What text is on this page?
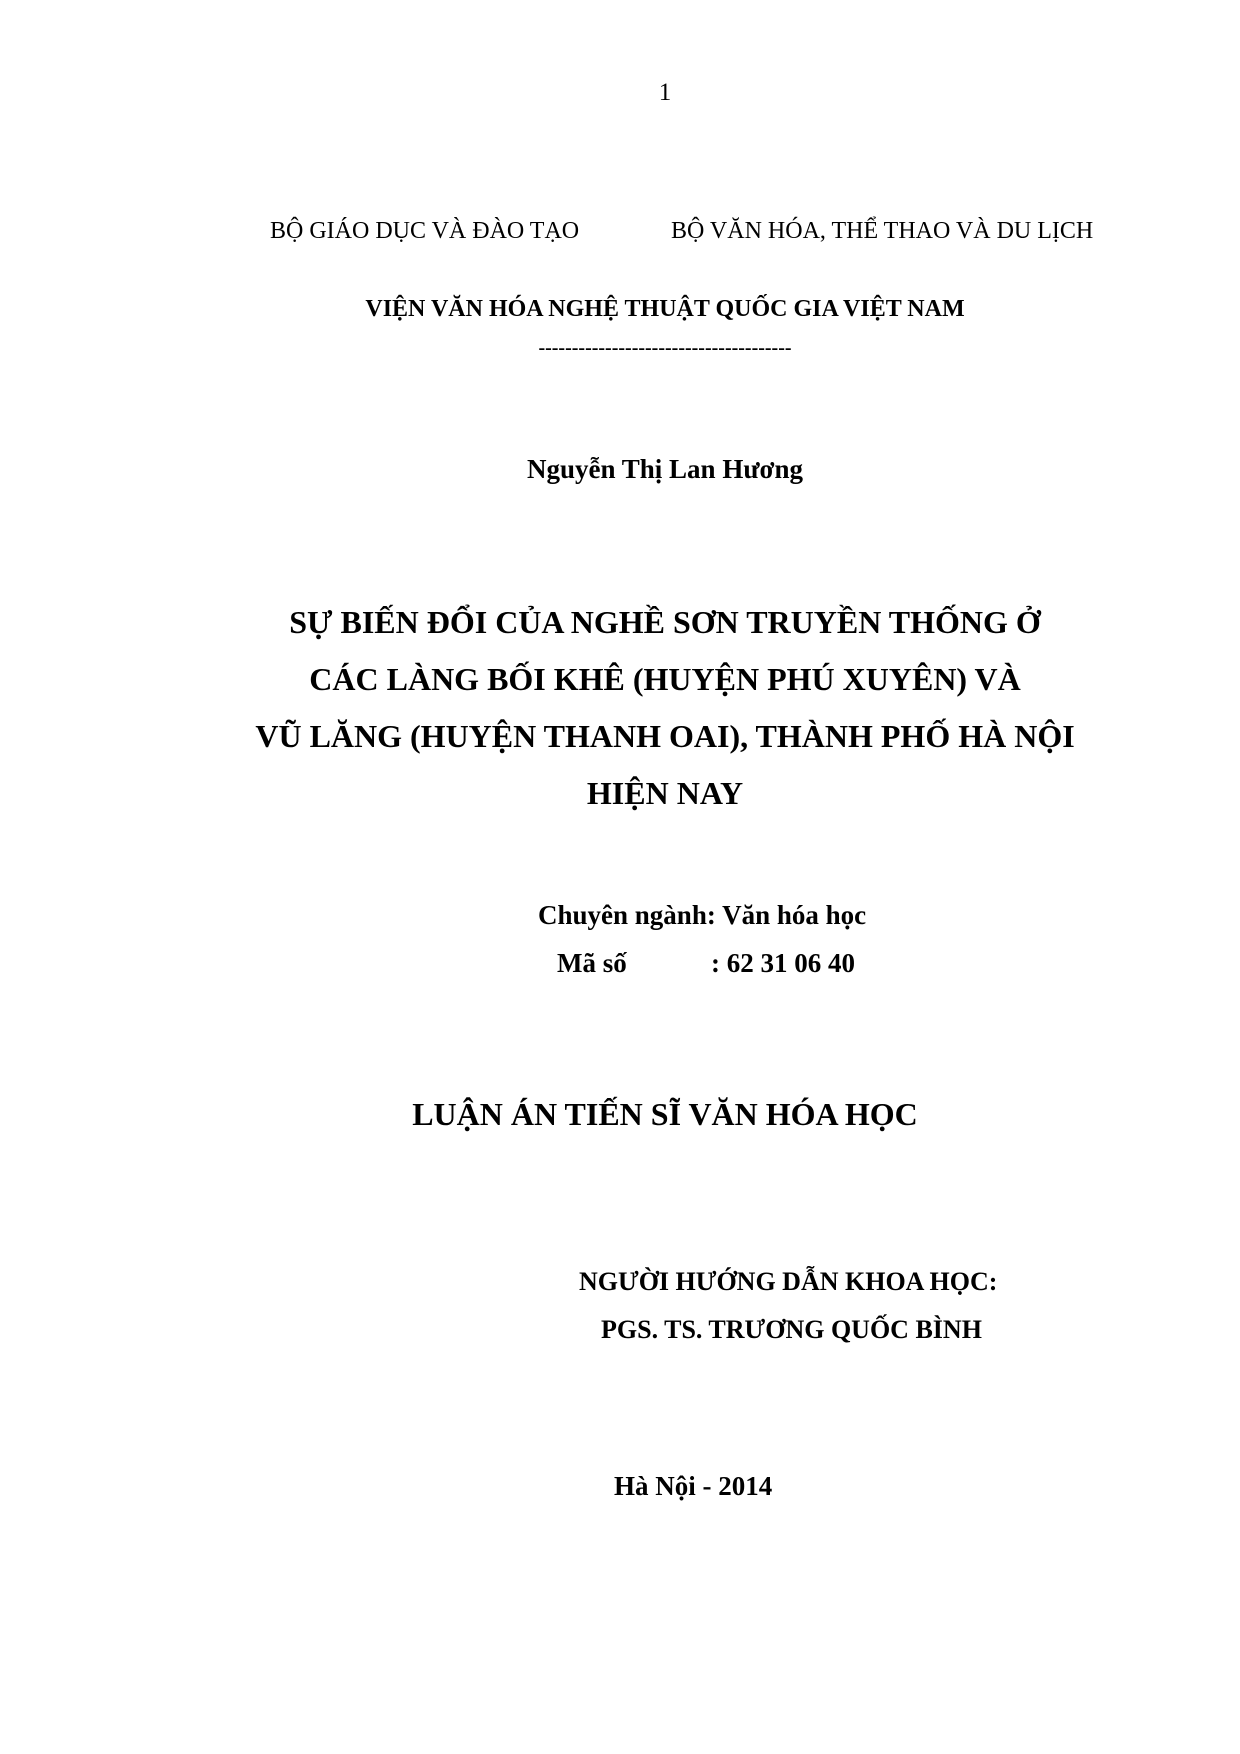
1
BỘ GIÁO DỤC VÀ ĐÀO TẠO	BỘ VĂN HÓA, THỂ THAO VÀ DU LỊCH
VIỆN VĂN HÓA NGHỆ THUẬT QUỐC GIA VIỆT NAM
--------------------------------------
Nguyễn Thị Lan Hương
SỰ BIẾN ĐỔI CỦA NGHỀ SƠN TRUYỀN THỐNG Ở
CÁC LÀNG BỐI KHÊ (HUYỆN PHÚ XUYÊN) VÀ
VŨ LĂNG (HUYỆN THANH OAI), THÀNH PHỐ HÀ NỘI
HIỆN NAY
Chuyên ngành: Văn hóa học
Mã số	: 62 31 06 40
LUẬN ÁN TIẾN SĨ VĂN HÓA HỌC
NGƯỜI HƯỚNG DẪN KHOA HỌC:
PGS. TS. TRƯƠNG QUỐC BÌNH
Hà Nội - 2014
